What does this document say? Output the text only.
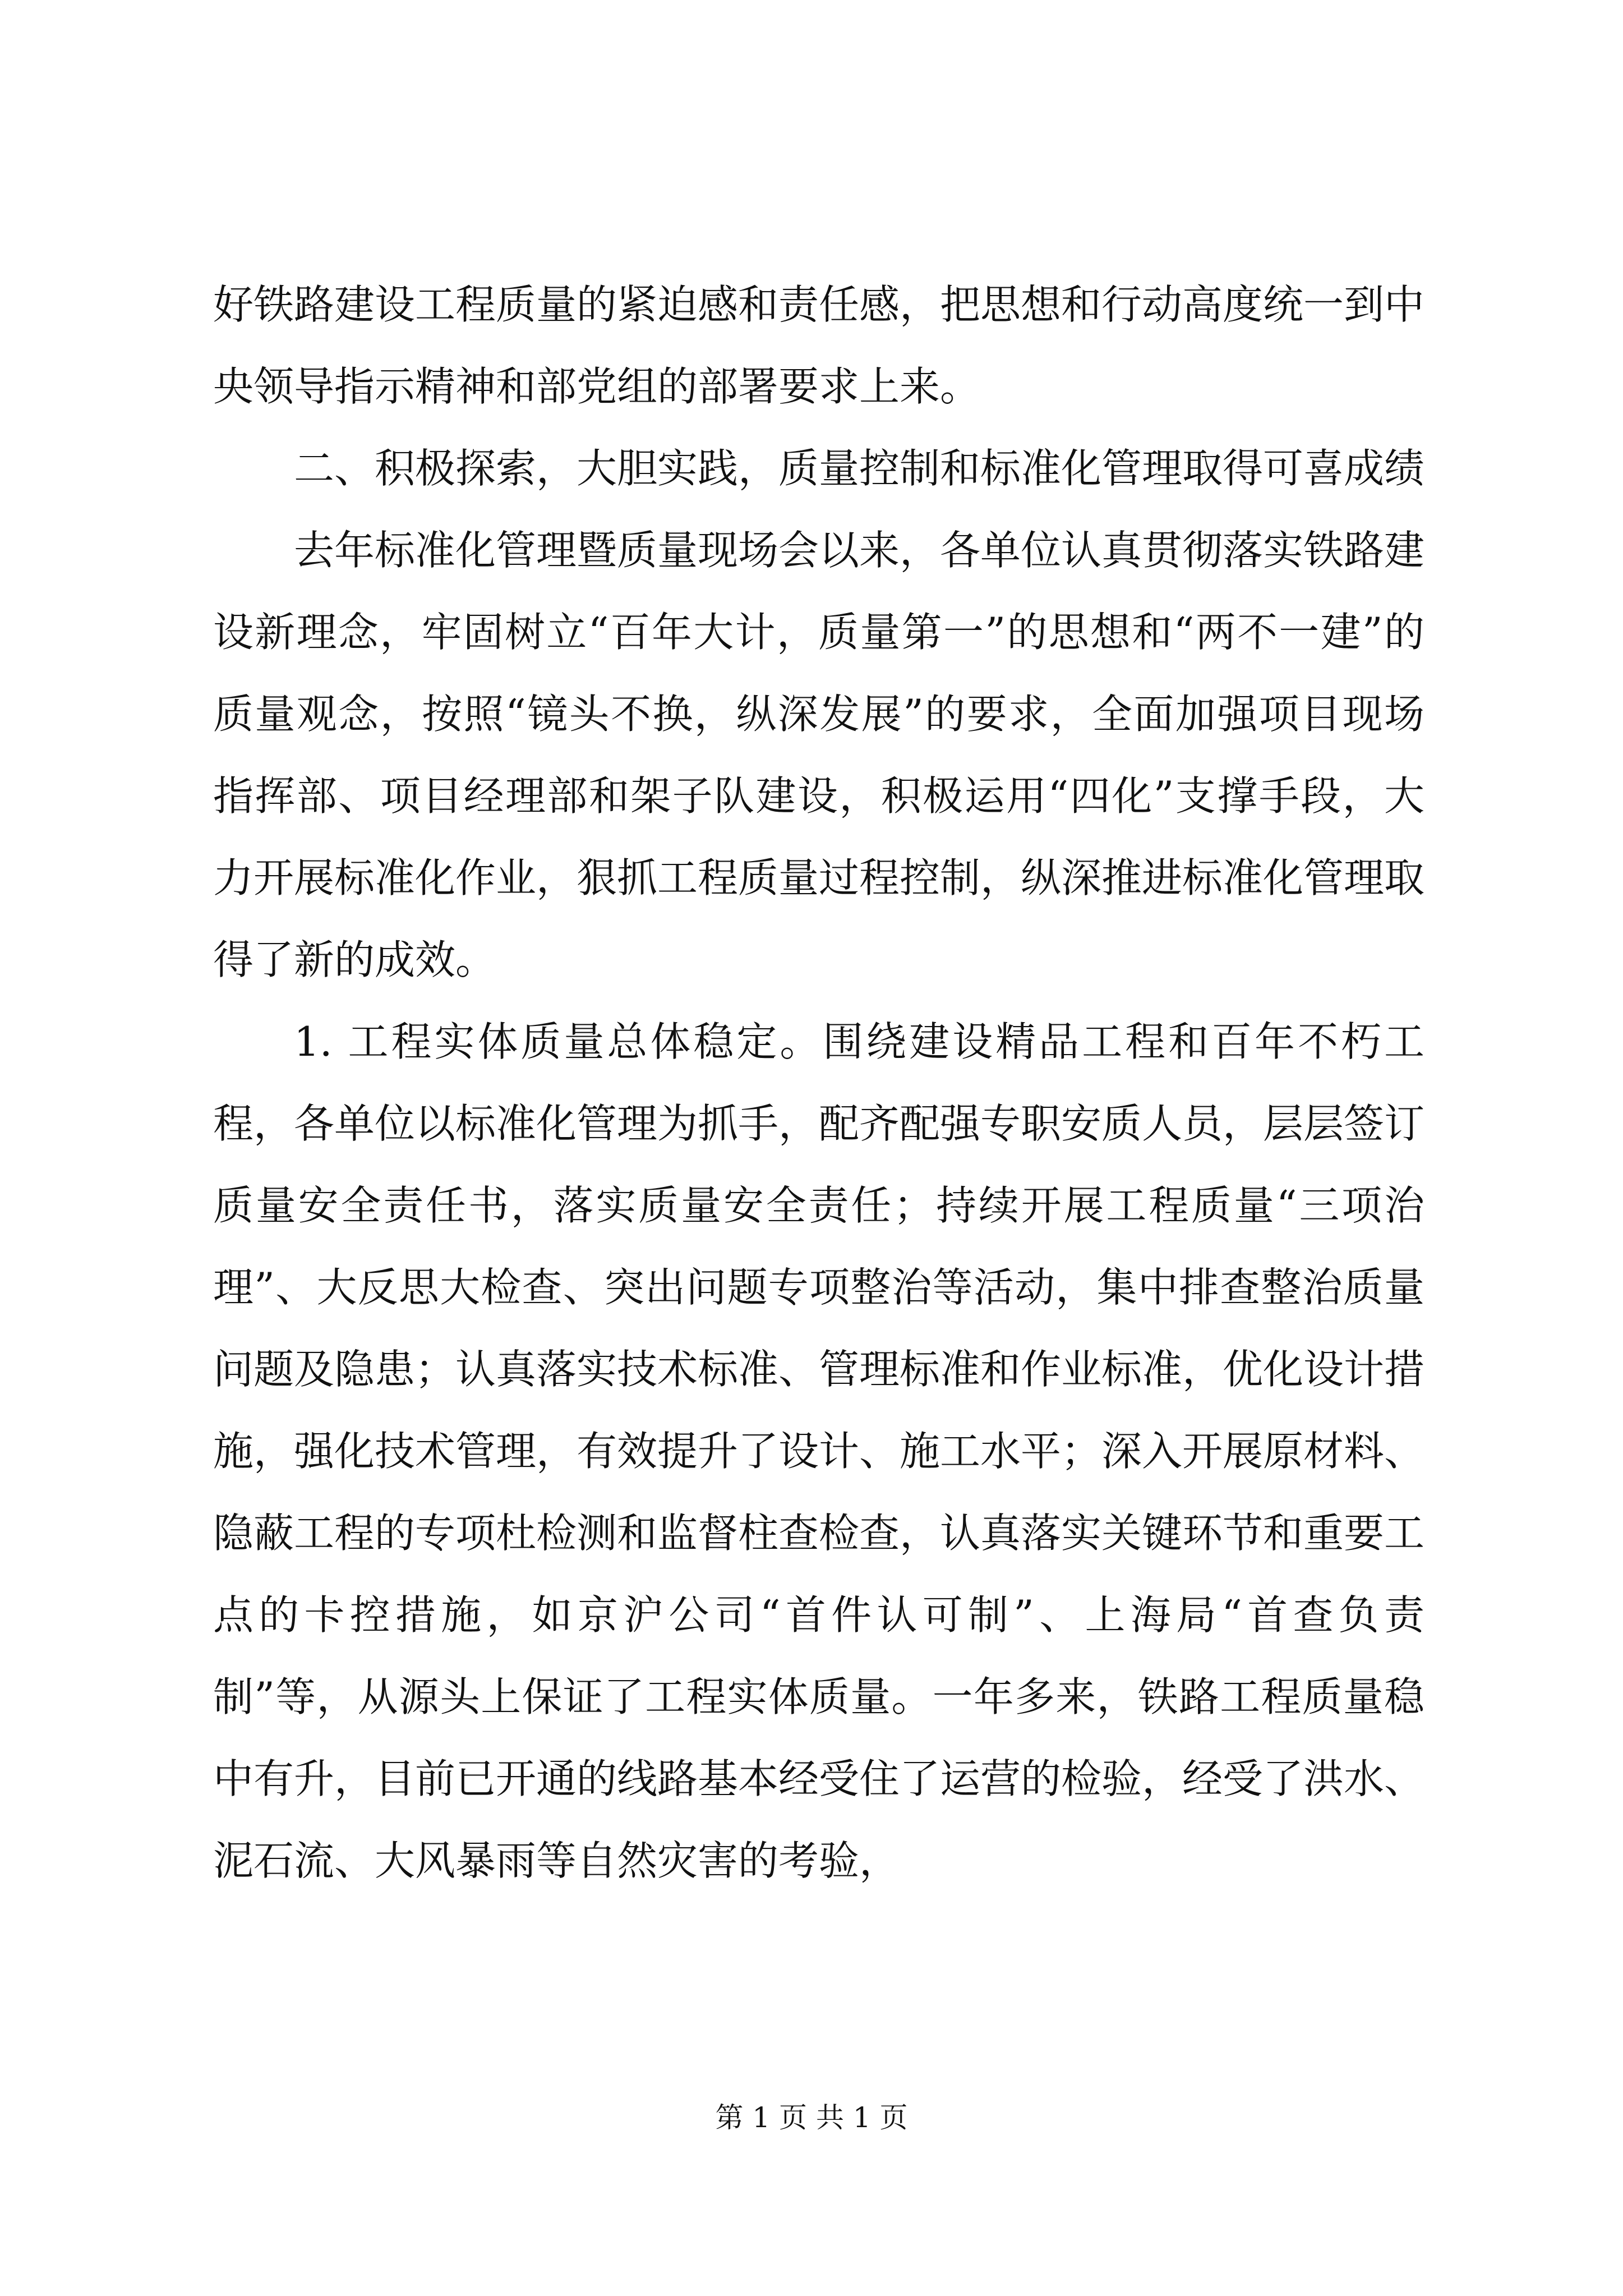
好铁路建设工程质量的紧迫感和责任感，把思想和行动高度统一到中央领导指示精神和部党组的部署要求上来。

二、积极探索，大胆实践，质量控制和标准化管理取得可喜成绩

去年标准化管理暨质量现场会以来，各单位认真贯彻落实铁路建设新理念，牢固树立“百年大计，质量第一”的思想和“两不一建”的质量观念，按照“镜头不换，纵深发展”的要求，全面加强项目现场指挥部、项目经理部和架子队建设，积极运用“四化”支撑手段，大力开展标准化作业，狠抓工程质量过程控制，纵深推进标准化管理取得了新的成效。

1. 工程实体质量总体稳定。围绕建设精品工程和百年不朽工程，各单位以标准化管理为抓手，配齐配强专职安质人员，层层签订质量安全责任书，落实质量安全责任；持续开展工程质量“三项治理”、大反思大检查、突出问题专项整治等活动，集中排查整治质量问题及隐患；认真落实技术标准、管理标准和作业标准，优化设计措施，强化技术管理，有效提升了设计、施工水平；深入开展原材料、隐蔽工程的专项杜检测和监督柱查检查，认真落实关键环节和重要工点的卡控措施，如京沪公司“首件认可制”、上海局“首查负责制”等，从源头上保证了工程实体质量。一年多来，铁路工程质量稳中有升，目前已开通的线路基本经受住了运营的检验，经受了洪水、泥石流、大风暴雨等自然灾害的考验，

第 1 页 共 1 页
